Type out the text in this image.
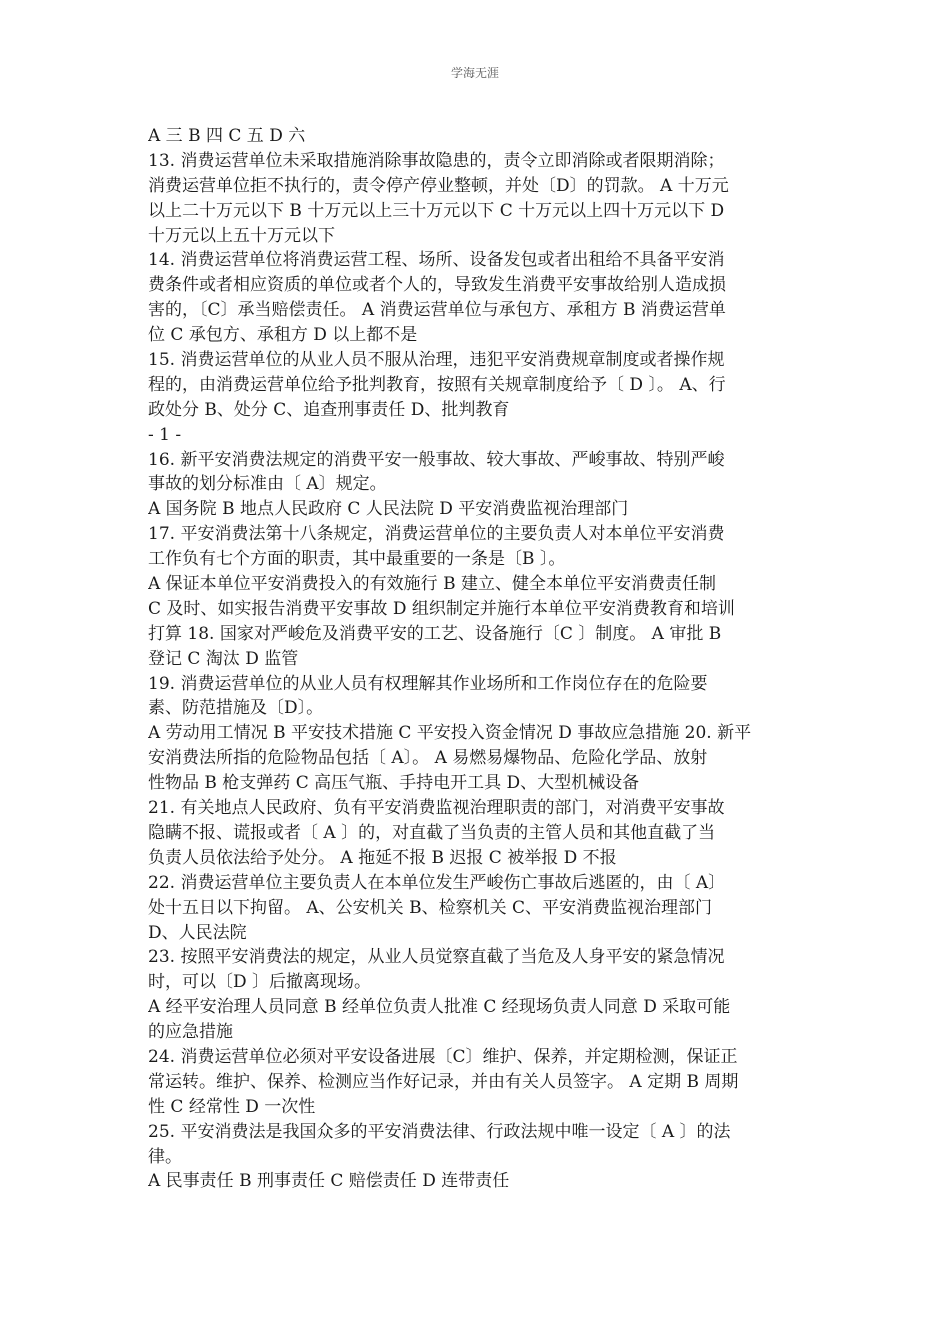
学海无涯
A 三 B 四 C 五 D 六
13. 消费运营单位未采取措施消除事故隐患的，责令立即消除或者限期消除；
消费运营单位拒不执行的，责令停产停业整顿，并处〔D〕的罚款。 A 十万元
以上二十万元以下 B 十万元以上三十万元以下 C 十万元以上四十万元以下 D
十万元以上五十万元以下
14. 消费运营单位将消费运营工程、场所、设备发包或者出租给不具备平安消
费条件或者相应资质的单位或者个人的，导致发生消费平安事故给别人造成损
害的，〔C〕承当赔偿责任。 A 消费运营单位与承包方、承租方 B 消费运营单
位 C 承包方、承租方 D 以上都不是
15. 消费运营单位的从业人员不服从治理，违犯平安消费规章制度或者操作规
程的，由消费运营单位给予批判教育，按照有关规章制度给予〔 D 〕。 A、行
政处分 B、处分 C、追查刑事责任 D、批判教育
- 1 -
16. 新平安消费法规定的消费平安一般事故、较大事故、严峻事故、特别严峻
事故的划分标准由〔 A〕规定。
A 国务院 B 地点人民政府 C 人民法院 D 平安消费监视治理部门
17. 平安消费法第十八条规定，消费运营单位的主要负责人对本单位平安消费
工作负有七个方面的职责，其中最重要的一条是〔B 〕。
A 保证本单位平安消费投入的有效施行 B 建立、健全本单位平安消费责任制
C 及时、如实报告消费平安事故 D 组织制定并施行本单位平安消费教育和培训
打算 18. 国家对严峻危及消费平安的工艺、设备施行〔C 〕制度。 A 审批 B
登记 C 淘汰 D 监管
19. 消费运营单位的从业人员有权理解其作业场所和工作岗位存在的危险要
素、防范措施及〔D〕。
A 劳动用工情况 B 平安技术措施 C 平安投入资金情况 D 事故应急措施 20. 新平
安消费法所指的危险物品包括〔 A〕。 A 易燃易爆物品、危险化学品、放射
性物品 B 枪支弹药 C 高压气瓶、手持电开工具 D、大型机械设备
21. 有关地点人民政府、负有平安消费监视治理职责的部门，对消费平安事故
隐瞒不报、谎报或者〔 A 〕的，对直截了当负责的主管人员和其他直截了当
负责人员依法给予处分。 A 拖延不报 B 迟报 C 被举报 D 不报
22. 消费运营单位主要负责人在本单位发生严峻伤亡事故后逃匿的，由〔 A〕
处十五日以下拘留。 A、公安机关 B、检察机关 C、平安消费监视治理部门
D、人民法院
23. 按照平安消费法的规定，从业人员觉察直截了当危及人身平安的紧急情况
时，可以〔D 〕后撤离现场。
A 经平安治理人员同意 B 经单位负责人批准 C 经现场负责人同意 D 采取可能
的应急措施
24. 消费运营单位必须对平安设备进展〔C〕维护、保养，并定期检测，保证正
常运转。维护、保养、检测应当作好记录，并由有关人员签字。 A 定期 B 周期
性 C 经常性 D 一次性
25. 平安消费法是我国众多的平安消费法律、行政法规中唯一设定〔 A 〕的法
律。
A 民事责任 B 刑事责任 C 赔偿责任 D 连带责任
